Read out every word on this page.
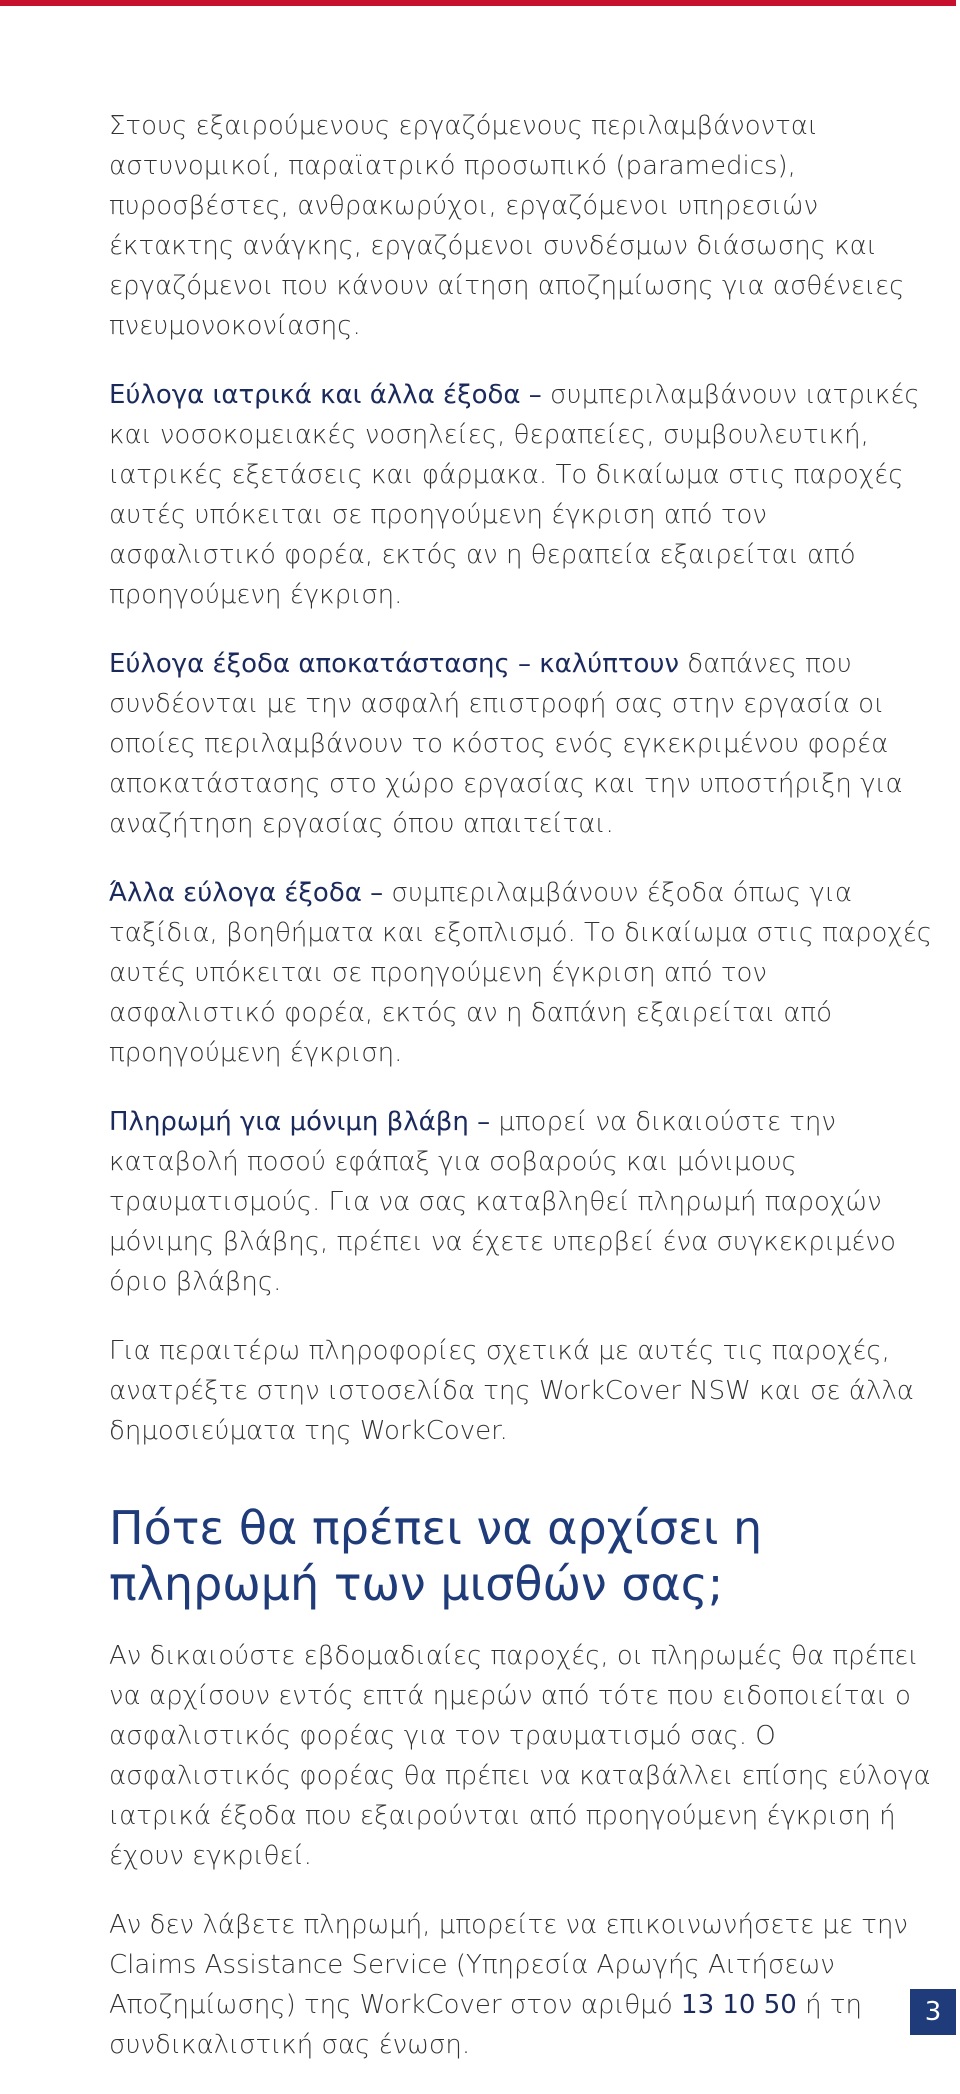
Στους εξαιρούμενους εργαζόμενους περιλαμβάνονται αστυνομικοί, παραϊατρικό προσωπικό (paramedics), πυροσβέστες, ανθρακωρύχοι, εργαζόμενοι υπηρεσιών έκτακτης ανάγκης, εργαζόμενοι συνδέσμων διάσωσης και εργαζόμενοι που κάνουν αίτηση αποζημίωσης για ασθένειες πνευμονοκονίασης.

Εύλογα ιατρικά και άλλα έξοδα – συμπεριλαμβάνουν ιατρικές και νοσοκομειακές νοσηλείες, θεραπείες, συμβουλευτική, ιατρικές εξετάσεις και φάρμακα. Το δικαίωμα στις παροχές αυτές υπόκειται σε προηγούμενη έγκριση από τον ασφαλιστικό φορέα, εκτός αν η θεραπεία εξαιρείται από προηγούμενη έγκριση.

Εύλογα έξοδα αποκατάστασης – καλύπτουν δαπάνες που συνδέονται με την ασφαλή επιστροφή σας στην εργασία οι οποίες περιλαμβάνουν το κόστος ενός εγκεκριμένου φορέα αποκατάστασης στο χώρο εργασίας και την υποστήριξη για αναζήτηση εργασίας όπου απαιτείται.

Άλλα εύλογα έξοδα – συμπεριλαμβάνουν έξοδα όπως για ταξίδια, βοηθήματα και εξοπλισμό. Το δικαίωμα στις παροχές αυτές υπόκειται σε προηγούμενη έγκριση από τον ασφαλιστικό φορέα, εκτός αν η δαπάνη εξαιρείται από προηγούμενη έγκριση.

Πληρωμή για μόνιμη βλάβη – μπορεί να δικαιούστε την καταβολή ποσού εφάπαξ για σοβαρούς και μόνιμους τραυματισμούς. Για να σας καταβληθεί πληρωμή παροχών μόνιμης βλάβης, πρέπει να έχετε υπερβεί ένα συγκεκριμένο όριο βλάβης.

Για περαιτέρω πληροφορίες σχετικά με αυτές τις παροχές, ανατρέξτε στην ιστοσελίδα της WorkCover NSW και σε άλλα δημοσιεύματα της WorkCover.

Πότε θα πρέπει να αρχίσει η πληρωμή των μισθών σας;

Αν δικαιούστε εβδομαδιαίες παροχές, οι πληρωμές θα πρέπει να αρχίσουν εντός επτά ημερών από τότε που ειδοποιείται ο ασφαλιστικός φορέας για τον τραυματισμό σας. Ο ασφαλιστικός φορέας θα πρέπει να καταβάλλει επίσης εύλογα ιατρικά έξοδα που εξαιρούνται από προηγούμενη έγκριση ή έχουν εγκριθεί.

Αν δεν λάβετε πληρωμή, μπορείτε να επικοινωνήσετε με την Claims Assistance Service (Υπηρεσία Αρωγής Αιτήσεων Αποζημίωσης) της WorkCover στον αριθμό 13 10 50 ή τη συνδικαλιστική σας ένωση.

3
